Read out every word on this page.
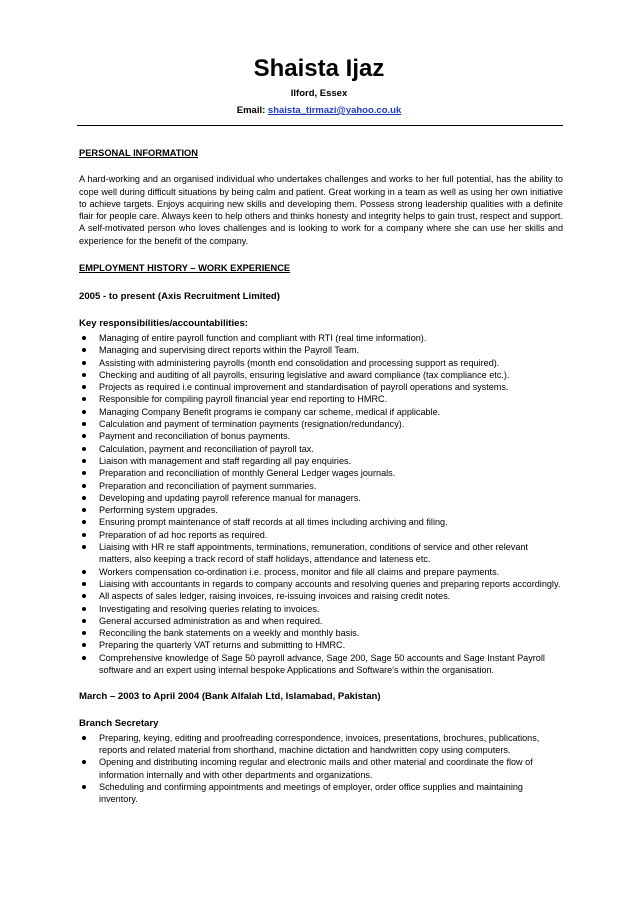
Shaista Ijaz
Ilford, Essex
Email: shaista_tirmazi@yahoo.co.uk
PERSONAL INFORMATION

A hard-working and an organised individual who undertakes challenges and works to her full potential, has the ability to cope well during difficult situations by being calm and patient. Great working in a team as well as using her own initiative to achieve targets. Enjoys acquiring new skills and developing them. Possess strong leadership qualities with a definite flair for people care. Always keen to help others and thinks honesty and integrity helps to gain trust, respect and support. A self-motivated person who loves challenges and is looking to work for a company where she can use her skills and experience for the benefit of the company.

EMPLOYMENT HISTORY – WORK EXPERIENCE
2005 - to present (Axis Recruitment Limited)
Key responsibilities/accountabilities:
Managing of entire payroll function and compliant with RTI (real time information).
Managing and supervising direct reports within the Payroll Team.
Assisting with administering payrolls (month end consolidation and processing support as required).
Checking and auditing of all payrolls, ensuring legislative and award compliance (tax compliance etc.).
Projects as required i.e continual improvement and standardisation of payroll operations and systems.
Responsible for compiling payroll financial year end reporting to HMRC.
Managing Company Benefit programs ie company car scheme, medical if applicable.
Calculation and payment of termination payments (resignation/redundancy).
Payment and reconciliation of bonus payments.
Calculation, payment and reconciliation of payroll tax.
Liaison with management and staff regarding all pay enquiries.
Preparation and reconciliation of monthly General Ledger wages journals.
Preparation and reconciliation of payment summaries.
Developing and updating payroll reference manual for managers.
Performing system upgrades.
Ensuring prompt maintenance of staff records at all times including archiving and filing.
Preparation of ad hoc reports as required.
Liaising with HR re staff appointments, terminations, remuneration, conditions of service and other relevant matters, also keeping a track record of staff holidays, attendance and lateness etc.
Workers compensation co-ordination i.e. process, monitor and file all claims and prepare payments.
Liaising with accountants in regards to company accounts and resolving queries and preparing reports accordingly.
All aspects of sales ledger, raising invoices, re-issuing invoices and raising credit notes.
Investigating and resolving queries relating to invoices.
General accursed administration as and when required.
Reconciling the bank statements on a weekly and monthly basis.
Preparing the quarterly VAT returns and submitting to HMRC.
Comprehensive knowledge of Sage 50 payroll advance, Sage 200, Sage 50 accounts and Sage Instant Payroll software and an expert using internal bespoke Applications and Software's within the organisation.
March – 2003 to April 2004 (Bank Alfalah Ltd, Islamabad, Pakistan)
Branch Secretary
Preparing, keying, editing and proofreading correspondence, invoices, presentations, brochures, publications, reports and related material from shorthand, machine dictation and handwritten copy using computers.
Opening and distributing incoming regular and electronic mails and other material and coordinate the flow of information internally and with other departments and organizations.
Scheduling and confirming appointments and meetings of employer, order office supplies and maintaining inventory.
